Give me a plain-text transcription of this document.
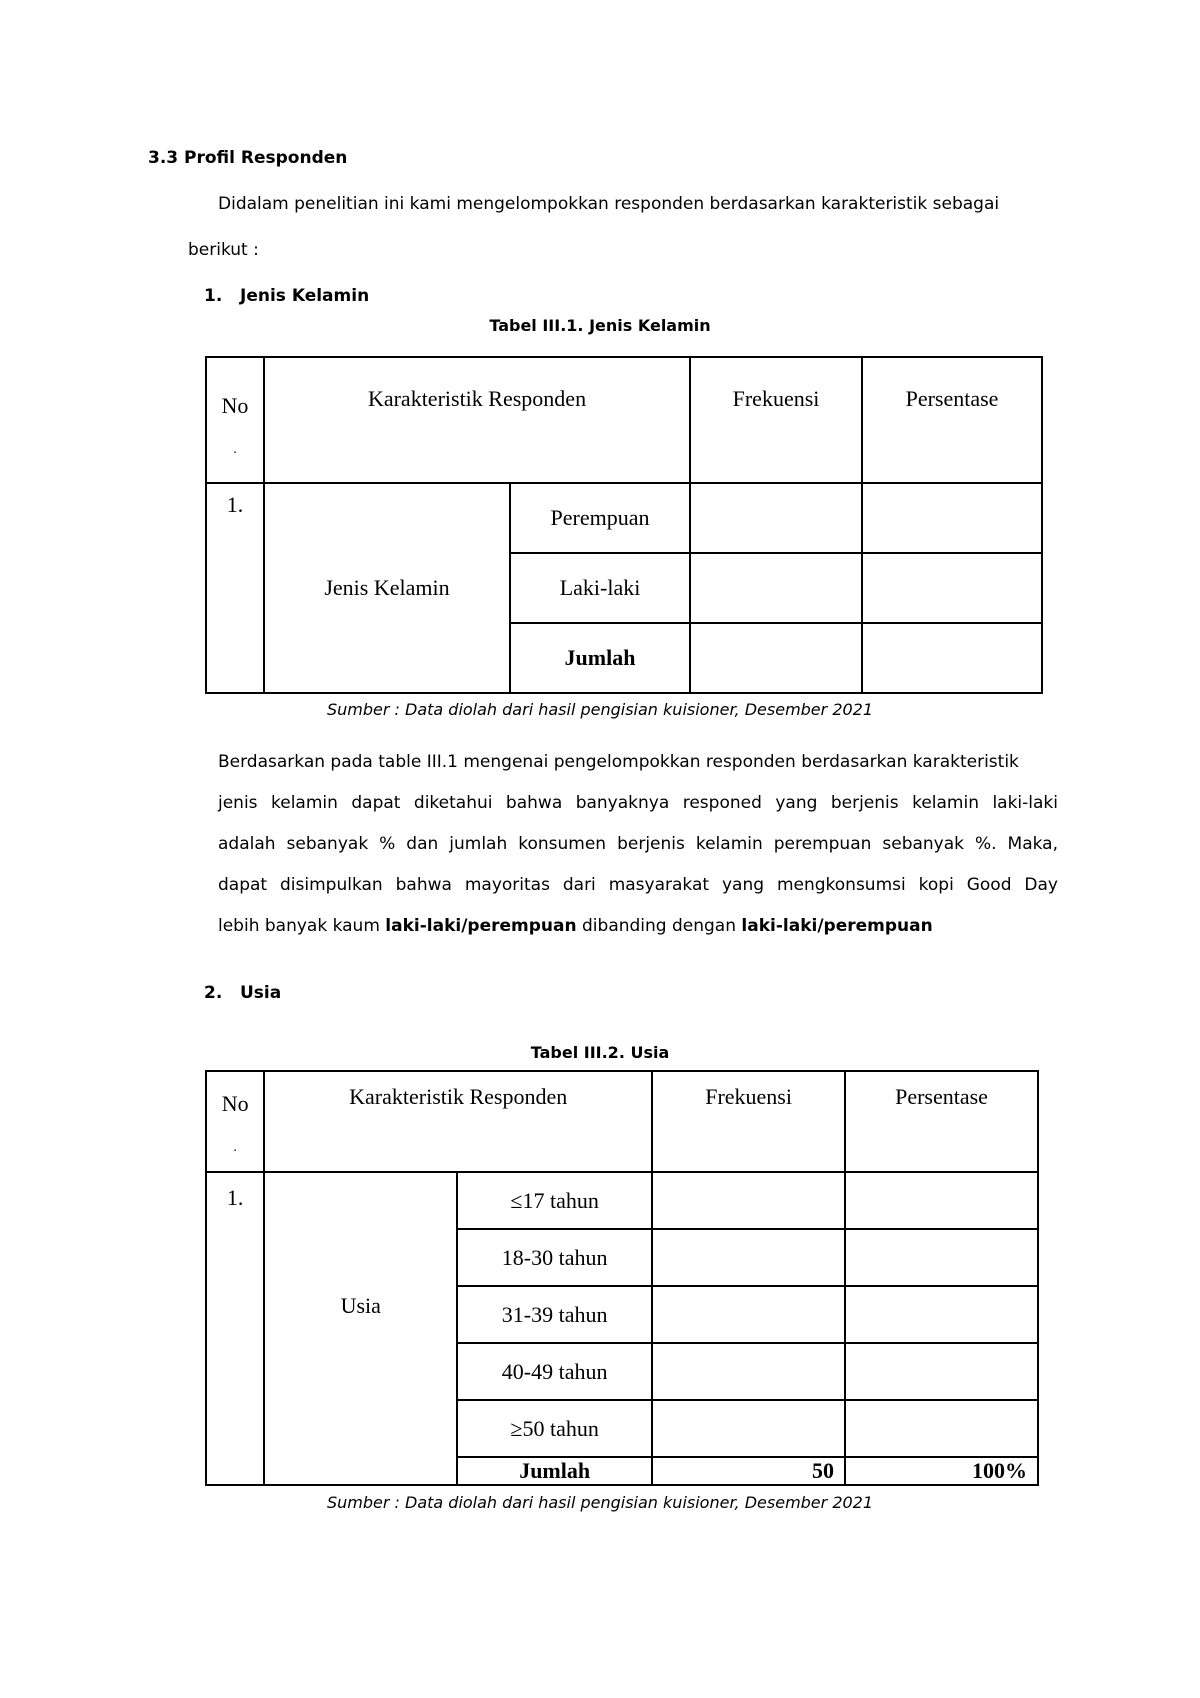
3.3 Profil Responden

Didalam penelitian ini kami mengelompokkan responden berdasarkan karakteristik sebagai

berikut :

1. Jenis Kelamin

Tabel III.1. Jenis Kelamin

No
.	Karakteristik Responden		Frekuensi	Persentase
1.	Jenis Kelamin	Perempuan		
		Laki-laki		
		Jumlah		

Sumber : Data diolah dari hasil pengisian kuisioner, Desember 2021

Berdasarkan pada table III.1 mengenai pengelompokkan responden berdasarkan karakteristik
jenis kelamin dapat diketahui bahwa banyaknya responed yang berjenis kelamin laki-laki
adalah sebanyak % dan jumlah konsumen berjenis kelamin perempuan sebanyak %. Maka,
dapat disimpulkan bahwa mayoritas dari masyarakat yang mengkonsumsi kopi Good Day
lebih banyak kaum laki-laki/perempuan dibanding dengan laki-laki/perempuan

2. Usia

Tabel III.2. Usia

No
.	Karakteristik Responden		Frekuensi	Persentase
1.	Usia	≤17 tahun		
		18-30 tahun		
		31-39 tahun		
		40-49 tahun		
		≥50 tahun		
		Jumlah	50	100%

Sumber : Data diolah dari hasil pengisian kuisioner, Desember 2021
